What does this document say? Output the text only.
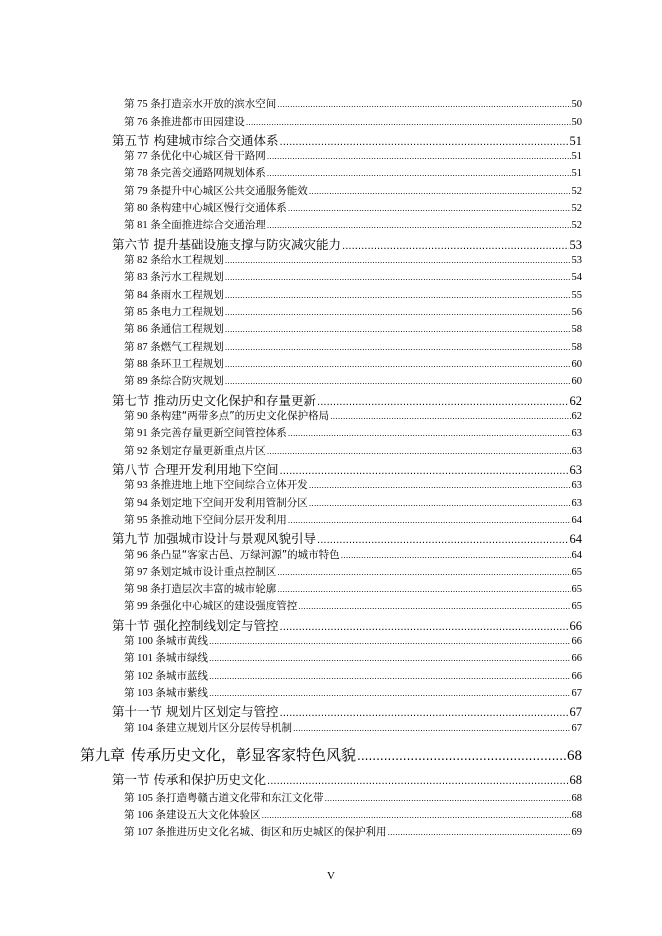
第 75 条 打造亲水开放的滨水空间 .....	50
第 76 条 推进都市田园建设 .....	50
第五节 构建城市综合交通体系 .....	51
第 77 条 优化中心城区骨干路网 .....	51
第 78 条 完善交通路网规划体系 .....	51
第 79 条 提升中心城区公共交通服务能效 .....	52
第 80 条 构建中心城区慢行交通体系 .....	52
第 81 条 全面推进综合交通治理 .....	52
第六节 提升基础设施支撑与防灾减灾能力 .....	53
第 82 条 给水工程规划 .....	53
第 83 条 污水工程规划 .....	54
第 84 条 雨水工程规划 .....	55
第 85 条 电力工程规划 .....	56
第 86 条 通信工程规划 .....	58
第 87 条 燃气工程规划 .....	58
第 88 条 环卫工程规划 .....	60
第 89 条 综合防灾规划 .....	60
第七节 推动历史文化保护和存量更新 .....	62
第 90 条 构建“两带多点”的历史文化保护格局 .....	62
第 91 条 完善存量更新空间管控体系 .....	63
第 92 条 划定存量更新重点片区 .....	63
第八节 合理开发利用地下空间 .....	63
第 93 条 推进地上地下空间综合立体开发 .....	63
第 94 条 划定地下空间开发利用管制分区 .....	63
第 95 条 推动地下空间分层开发利用 .....	64
第九节 加强城市设计与景观风貌引导 .....	64
第 96 条 凸显“客家古邑、万绿河源”的城市特色 .....	64
第 97 条 划定城市设计重点控制区 .....	65
第 98 条 打造层次丰富的城市轮廓 .....	65
第 99 条 强化中心城区的建设强度管控 .....	65
第十节 强化控制线划定与管控 .....	66
第 100 条 城市黄线 .....	66
第 101 条 城市绿线 .....	66
第 102 条 城市蓝线 .....	66
第 103 条 城市紫线 .....	67
第十一节 规划片区划定与管控 .....	67
第 104 条 建立规划片区分层传导机制 .....	67
第九章 传承历史文化，彰显客家特色风貌 .....	68
第一节 传承和保护历史文化 .....	68
第 105 条 打造粤赣古道文化带和东江文化带 .....	68
第 106 条 建设五大文化体验区 .....	68
第 107 条 推进历史文化名城、街区和历史城区的保护利用 .....	69
V
